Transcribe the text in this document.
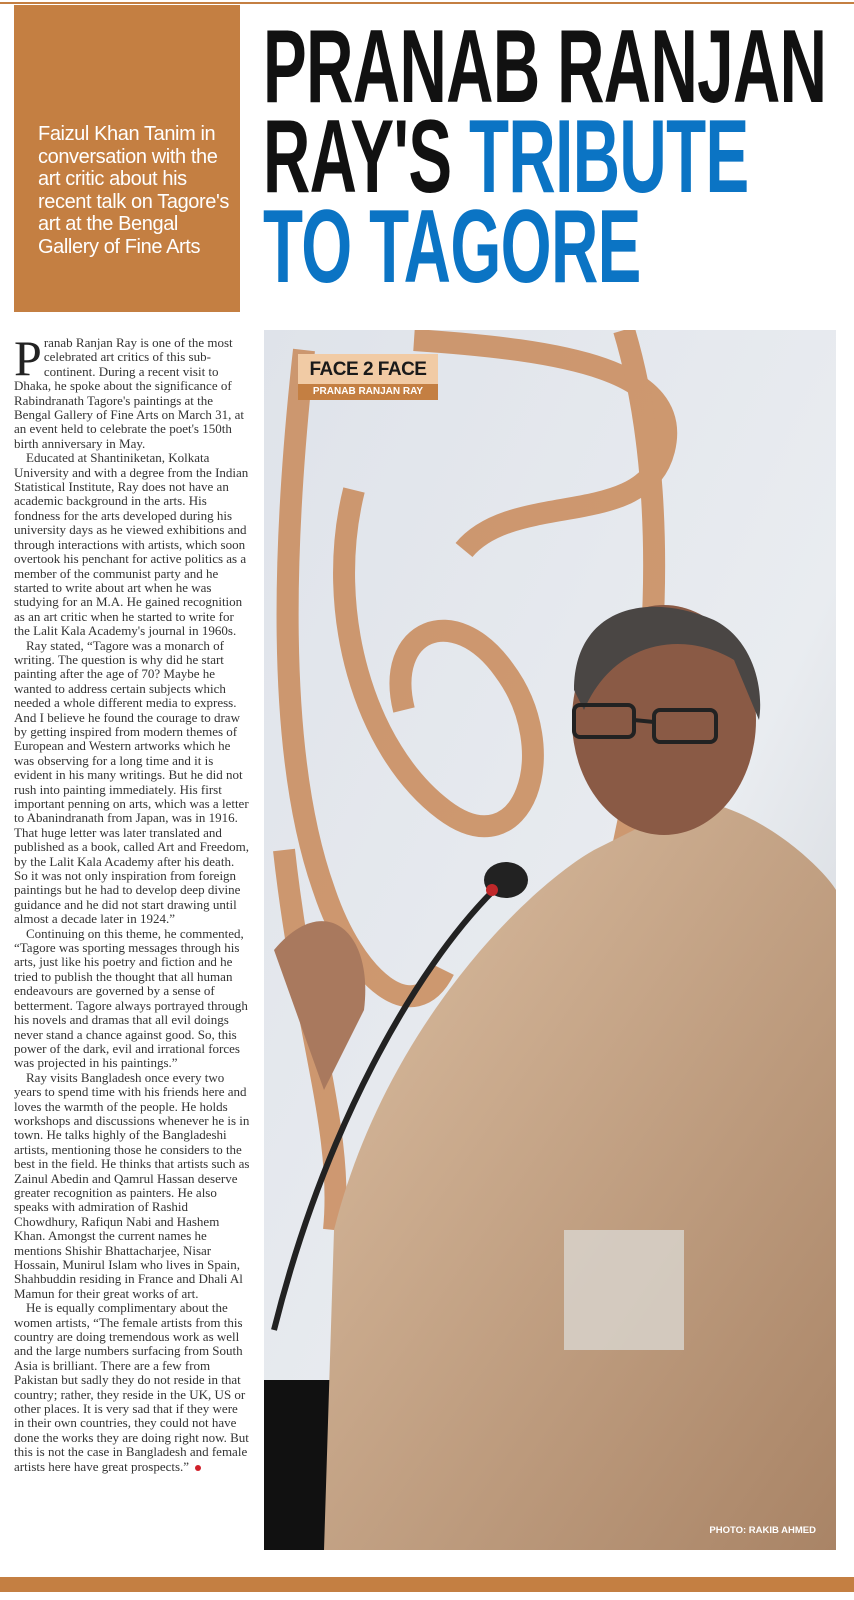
Faizul Khan Tanim in conversation with the art critic about his recent talk on Tagore's art at the Bengal Gallery of Fine Arts

PRANAB RANJAN
RAY'S TRIBUTE
TO TAGORE

Pranab Ranjan Ray is one of the most celebrated art critics of this sub-continent. During a recent visit to Dhaka, he spoke about the significance of Rabindranath Tagore's paintings at the Bengal Gallery of Fine Arts on March 31, at an event held to celebrate the poet's 150th birth anniversary in May.

Educated at Shantiniketan, Kolkata University and with a degree from the Indian Statistical Institute, Ray does not have an academic background in the arts. His fondness for the arts developed during his university days as he viewed exhibitions and through interactions with artists, which soon overtook his penchant for active politics as a member of the communist party and he started to write about art when he was studying for an M.A. He gained recognition as an art critic when he started to write for the Lalit Kala Academy's journal in 1960s.

Ray stated, “Tagore was a monarch of writing. The question is why did he start painting after the age of 70? Maybe he wanted to address certain subjects which needed a whole different media to express. And I believe he found the courage to draw by getting inspired from modern themes of European and Western artworks which he was observing for a long time and it is evident in his many writings. But he did not rush into painting immediately. His first important penning on arts, which was a letter to Abanindranath from Japan, was in 1916. That huge letter was later translated and published as a book, called Art and Freedom, by the Lalit Kala Academy after his death. So it was not only inspiration from foreign paintings but he had to develop deep divine guidance and he did not start drawing until almost a decade later in 1924.”

Continuing on this theme, he commented, “Tagore was sporting messages through his arts, just like his poetry and fiction and he tried to publish the thought that all human endeavours are governed by a sense of betterment. Tagore always portrayed through his novels and dramas that all evil doings never stand a chance against good. So, this power of the dark, evil and irrational forces was projected in his paintings.”

Ray visits Bangladesh once every two years to spend time with his friends here and loves the warmth of the people. He holds workshops and discussions whenever he is in town. He talks highly of the Bangladeshi artists, mentioning those he considers to the best in the field. He thinks that artists such as Zainul Abedin and Qamrul Hassan deserve greater recognition as painters. He also speaks with admiration of Rashid Chowdhury, Rafiqun Nabi and Hashem Khan. Amongst the current names he mentions Shishir Bhattacharjee, Nisar Hossain, Munirul Islam who lives in Spain, Shahbuddin residing in France and Dhali Al Mamun for their great works of art.

He is equally complimentary about the women artists, “The female artists from this country are doing tremendous work as well and the large numbers surfacing from South Asia is brilliant. There are a few from Pakistan but sadly they do not reside in that country; rather, they reside in the UK, US or other places. It is very sad that if they were in their own countries, they could not have done the works they are doing right now. But this is not the case in Bangladesh and female artists here have great prospects.”

FACE 2 FACE
PRANAB RANJAN RAY
PHOTO: RAKIB AHMED
